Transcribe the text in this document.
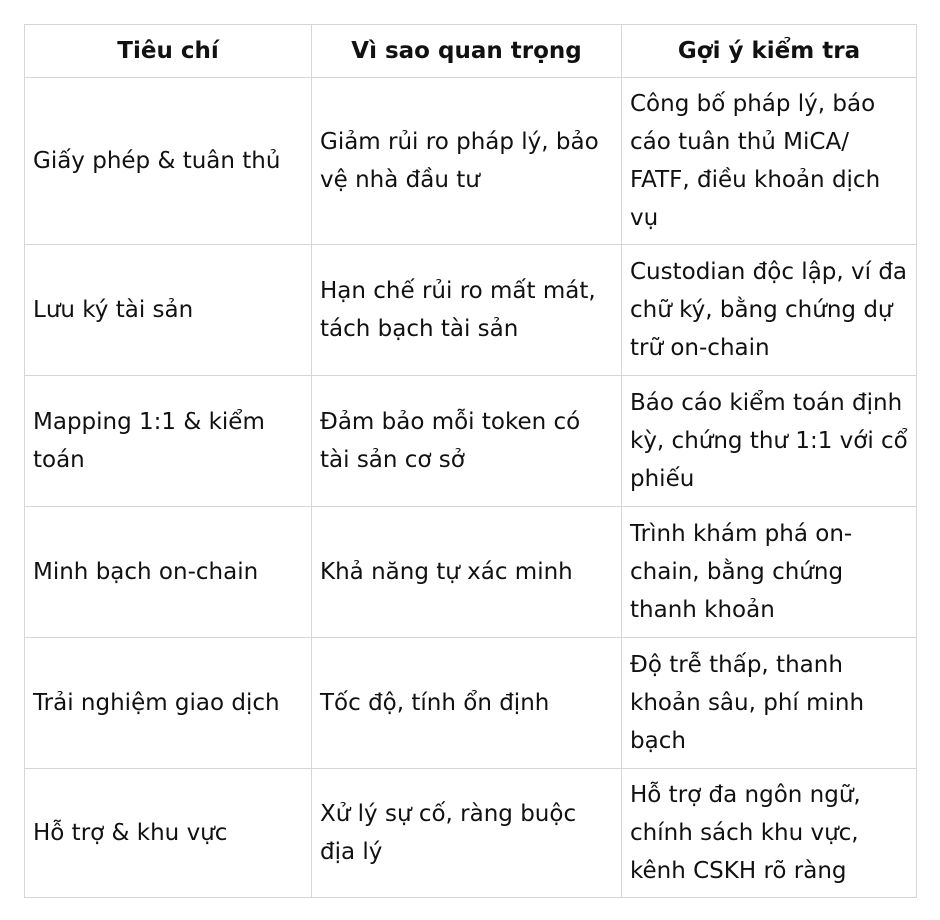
Tiêu chí	Vì sao quan trọng	Gợi ý kiểm tra
Giấy phép & tuân thủ	Giảm rủi ro pháp lý, bảo vệ nhà đầu tư	Công bố pháp lý, báo cáo tuân thủ MiCA/ FATF, điều khoản dịch vụ
Lưu ký tài sản	Hạn chế rủi ro mất mát, tách bạch tài sản	Custodian độc lập, ví đa chữ ký, bằng chứng dự trữ on-chain
Mapping 1:1 & kiểm toán	Đảm bảo mỗi token có tài sản cơ sở	Báo cáo kiểm toán định kỳ, chứng thư 1:1 với cổ phiếu
Minh bạch on-chain	Khả năng tự xác minh	Trình khám phá on-chain, bằng chứng thanh khoản
Trải nghiệm giao dịch	Tốc độ, tính ổn định	Độ trễ thấp, thanh khoản sâu, phí minh bạch
Hỗ trợ & khu vực	Xử lý sự cố, ràng buộc địa lý	Hỗ trợ đa ngôn ngữ, chính sách khu vực, kênh CSKH rõ ràng
